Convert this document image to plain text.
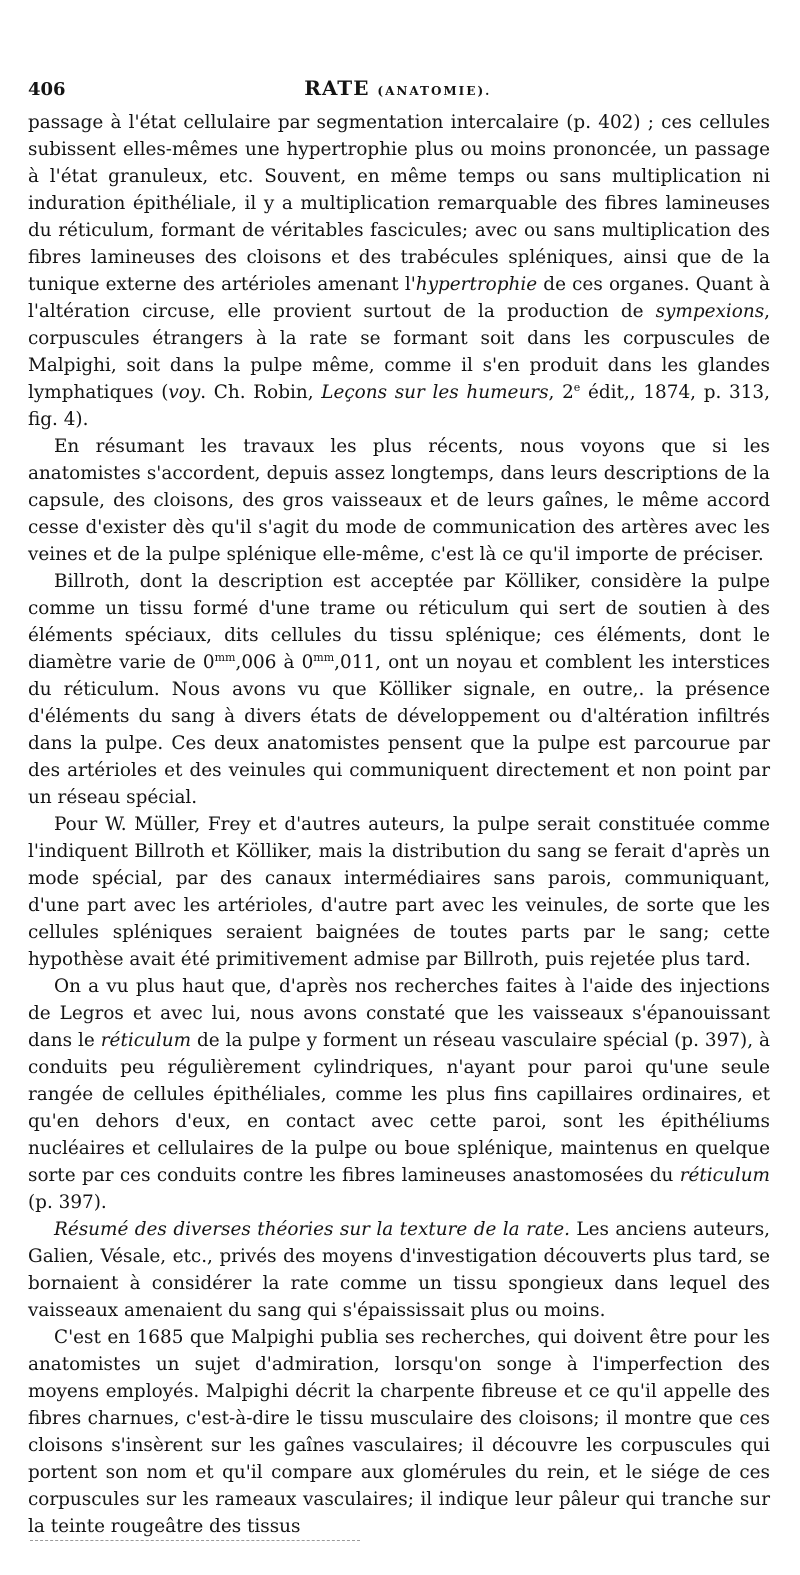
406	RATE (ANATOMIE).

passage à l'état cellulaire par segmentation intercalaire (p. 402) ; ces cellules subissent elles-mêmes une hypertrophie plus ou moins prononcée, un passage à l'état granuleux, etc. Souvent, en même temps ou sans multiplication ni induration épithéliale, il y a multiplication remarquable des fibres lamineuses du réticulum, formant de véritables fascicules; avec ou sans multiplication des fibres lamineuses des cloisons et des trabécules spléniques, ainsi que de la tunique externe des artérioles amenant l'hypertrophie de ces organes. Quant à l'altération circuse, elle provient surtout de la production de sympexions, corpuscules étrangers à la rate se formant soit dans les corpuscules de Malpighi, soit dans la pulpe même, comme il s'en produit dans les glandes lymphatiques (voy. Ch. Robin, Leçons sur les humeurs, 2e édit,, 1874, p. 313, fig. 4).

En résumant les travaux les plus récents, nous voyons que si les anatomistes s'accordent, depuis assez longtemps, dans leurs descriptions de la capsule, des cloisons, des gros vaisseaux et de leurs gaînes, le même accord cesse d'exister dès qu'il s'agit du mode de communication des artères avec les veines et de la pulpe splénique elle-même, c'est là ce qu'il importe de préciser.

Billroth, dont la description est acceptée par Kölliker, considère la pulpe comme un tissu formé d'une trame ou réticulum qui sert de soutien à des éléments spéciaux, dits cellules du tissu splénique; ces éléments, dont le diamètre varie de $0^{mm},006$ à $0^{mm},011$, ont un noyau et comblent les interstices du réticulum. Nous avons vu que Kölliker signale, en outre,. la présence d'éléments du sang à divers états de développement ou d'altération infiltrés dans la pulpe. Ces deux anatomistes pensent que la pulpe est parcourue par des artérioles et des veinules qui communiquent directement et non point par un réseau spécial.

Pour W. Müller, Frey et d'autres auteurs, la pulpe serait constituée comme l'indiquent Billroth et Kölliker, mais la distribution du sang se ferait d'après un mode spécial, par des canaux intermédiaires sans parois, communiquant, d'une part avec les artérioles, d'autre part avec les veinules, de sorte que les cellules spléniques seraient baignées de toutes parts par le sang; cette hypothèse avait été primitivement admise par Billroth, puis rejetée plus tard.

On a vu plus haut que, d'après nos recherches faites à l'aide des injections de Legros et avec lui, nous avons constaté que les vaisseaux s'épanouissant dans le réticulum de la pulpe y forment un réseau vasculaire spécial (p. 397), à conduits peu régulièrement cylindriques, n'ayant pour paroi qu'une seule rangée de cellules épithéliales, comme les plus fins capillaires ordinaires, et qu'en dehors d'eux, en contact avec cette paroi, sont les épithéliums nucléaires et cellulaires de la pulpe ou boue splénique, maintenus en quelque sorte par ces conduits contre les fibres lamineuses anastomosées du réticulum (p. 397).

Résumé des diverses théories sur la texture de la rate. Les anciens auteurs, Galien, Vésale, etc., privés des moyens d'investigation découverts plus tard, se bornaient à considérer la rate comme un tissu spongieux dans lequel des vaisseaux amenaient du sang qui s'épaississait plus ou moins.

C'est en 1685 que Malpighi publia ses recherches, qui doivent être pour les anatomistes un sujet d'admiration, lorsqu'on songe à l'imperfection des moyens employés. Malpighi décrit la charpente fibreuse et ce qu'il appelle des fibres charnues, c'est-à-dire le tissu musculaire des cloisons; il montre que ces cloisons s'insèrent sur les gaînes vasculaires; il découvre les corpuscules qui portent son nom et qu'il compare aux glomérules du rein, et le siége de ces corpuscules sur les rameaux vasculaires; il indique leur pâleur qui tranche sur la teinte rougeâtre des tissus
